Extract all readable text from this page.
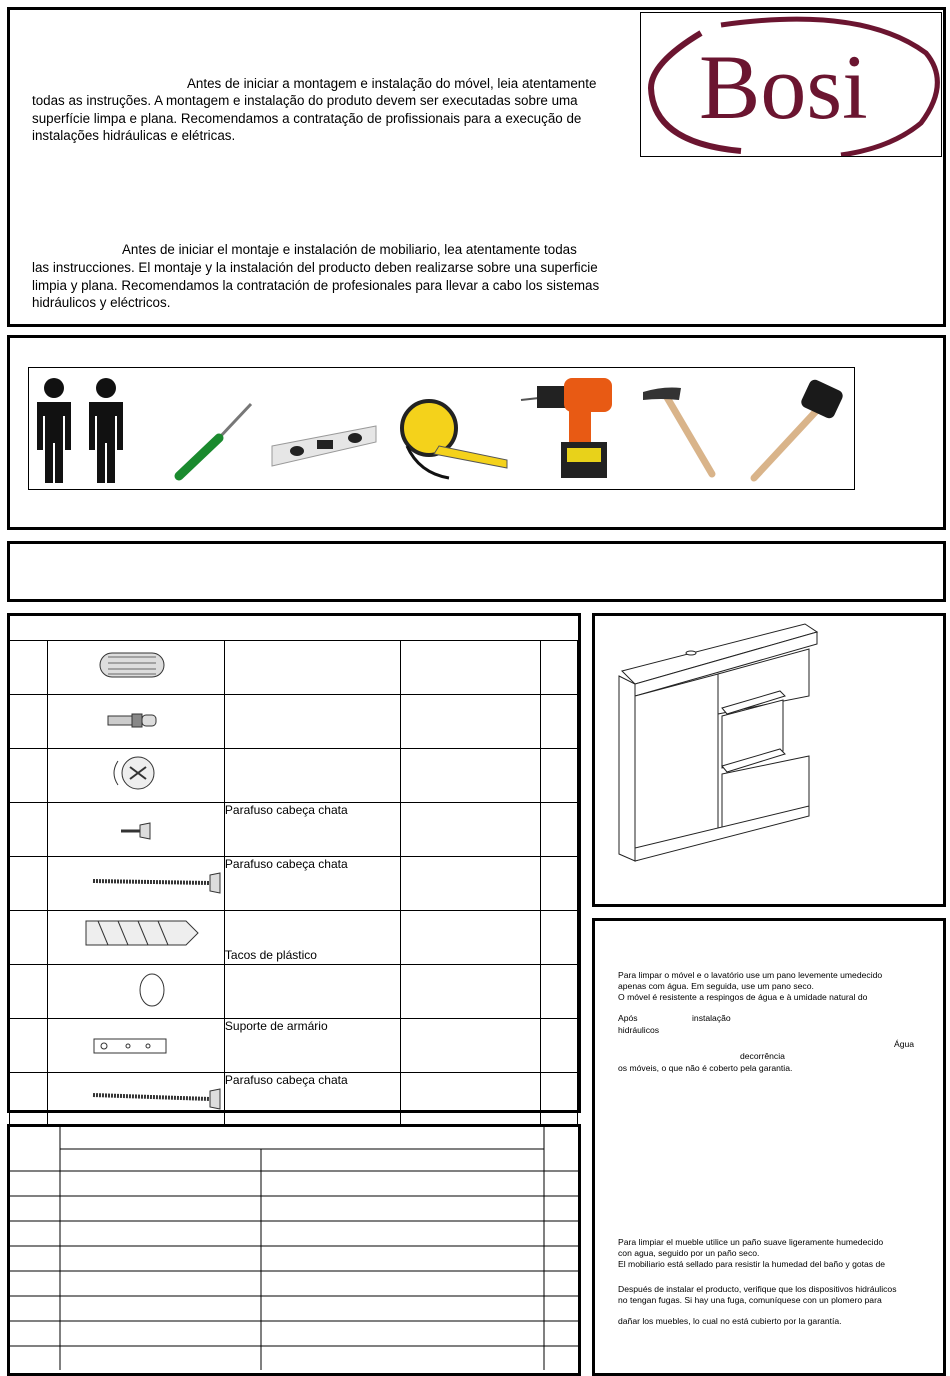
Antes de iniciar a montagem e instalação do móvel, leia atentamente
todas as instruções. A montagem e instalação do produto devem ser executadas sobre uma superfície limpa e plana. Recomendamos a contratação de profissionais para a execução de instalações hidráulicas e elétricas.
Antes de iniciar el montaje e instalación de mobiliario, lea atentamente todas
las instrucciones. El montaje y la instalación del producto deben realizarse sobre una superficie limpia y plana. Recomendamos la contratación de profesionales para llevar a cabo los sistemas hidráulicos y eléctricos.
Bosi

		Parafuso cabeça chata		
		Parafuso cabeça chata		
		Tacos de plástico		

		Suporte de armário		
		Parafuso cabeça chata		
Para limpar o móvel e o lavatório use um pano levemente umedecido
apenas com água. Em seguida, use um pano seco.
O móvel é resistente a respingos de água e à umidade natural do
Após	instalação
hidráulicos
Água
decorrência
os móveis, o que não é coberto pela garantia.
Para limpiar el mueble utilice un paño suave ligeramente humedecido
con agua, seguido por un paño seco.
El mobiliario está sellado para resistir la humedad del baño y gotas de
Después de instalar el producto, verifique que los dispositivos hidráulicos
no tengan fugas. Si hay una fuga, comuníquese con un plomero para
dañar los muebles, lo cual no está cubierto por la garantía.
